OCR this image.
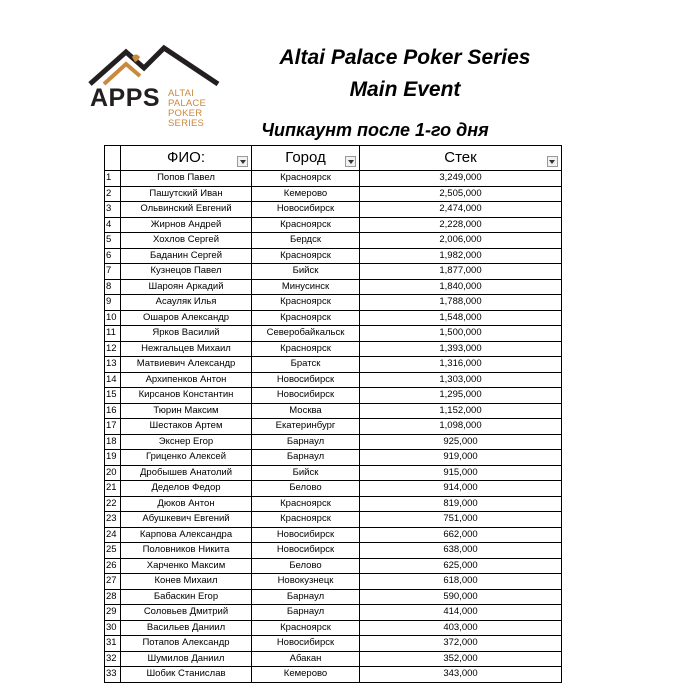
APPS ALTAI PALACE
POKER SERIES
Altai Palace Poker Series
Main Event
Чипкаунт после 1-го дня
	ФИО:	Город	Стек

1	Попов Павел	Красноярск	3,249,000
2	Пашутский Иван	Кемерово	2,505,000
3	Ольвинский Евгений	Новосибирск	2,474,000
4	Жирнов Андрей	Красноярск	2,228,000
5	Хохлов Сергей	Бердск	2,006,000
6	Баданин Сергей	Красноярск	1,982,000
7	Кузнецов Павел	Бийск	1,877,000
8	Шароян Аркадий	Минусинск	1,840,000
9	Асауляк Илья	Красноярск	1,788,000
10	Ошаров Александр	Красноярск	1,548,000
11	Ярков Василий	Северобайкальск	1,500,000
12	Нежгальцев Михаил	Красноярск	1,393,000
13	Матвиевич Александр	Братск	1,316,000
14	Архипенков Антон	Новосибирск	1,303,000
15	Кирсанов Константин	Новосибирск	1,295,000
16	Тюрин Максим	Москва	1,152,000
17	Шестаков Артем	Екатеринбург	1,098,000
18	Экснер Егор	Барнаул	925,000
19	Гриценко Алексей	Барнаул	919,000
20	Дробышев Анатолий	Бийск	915,000
21	Деделов Федор	Белово	914,000
22	Дюков Антон	Красноярск	819,000
23	Абушкевич Евгений	Красноярск	751,000
24	Карпова Александра	Новосибирск	662,000
25	Половников Никита	Новосибирск	638,000
26	Харченко Максим	Белово	625,000
27	Конев Михаил	Новокузнецк	618,000
28	Бабаскин Егор	Барнаул	590,000
29	Соловьев Дмитрий	Барнаул	414,000
30	Васильев Даниил	Красноярск	403,000
31	Потапов Александр	Новосибирск	372,000
32	Шумилов Даниил	Абакан	352,000
33	Шобик Станислав	Кемерово	343,000
